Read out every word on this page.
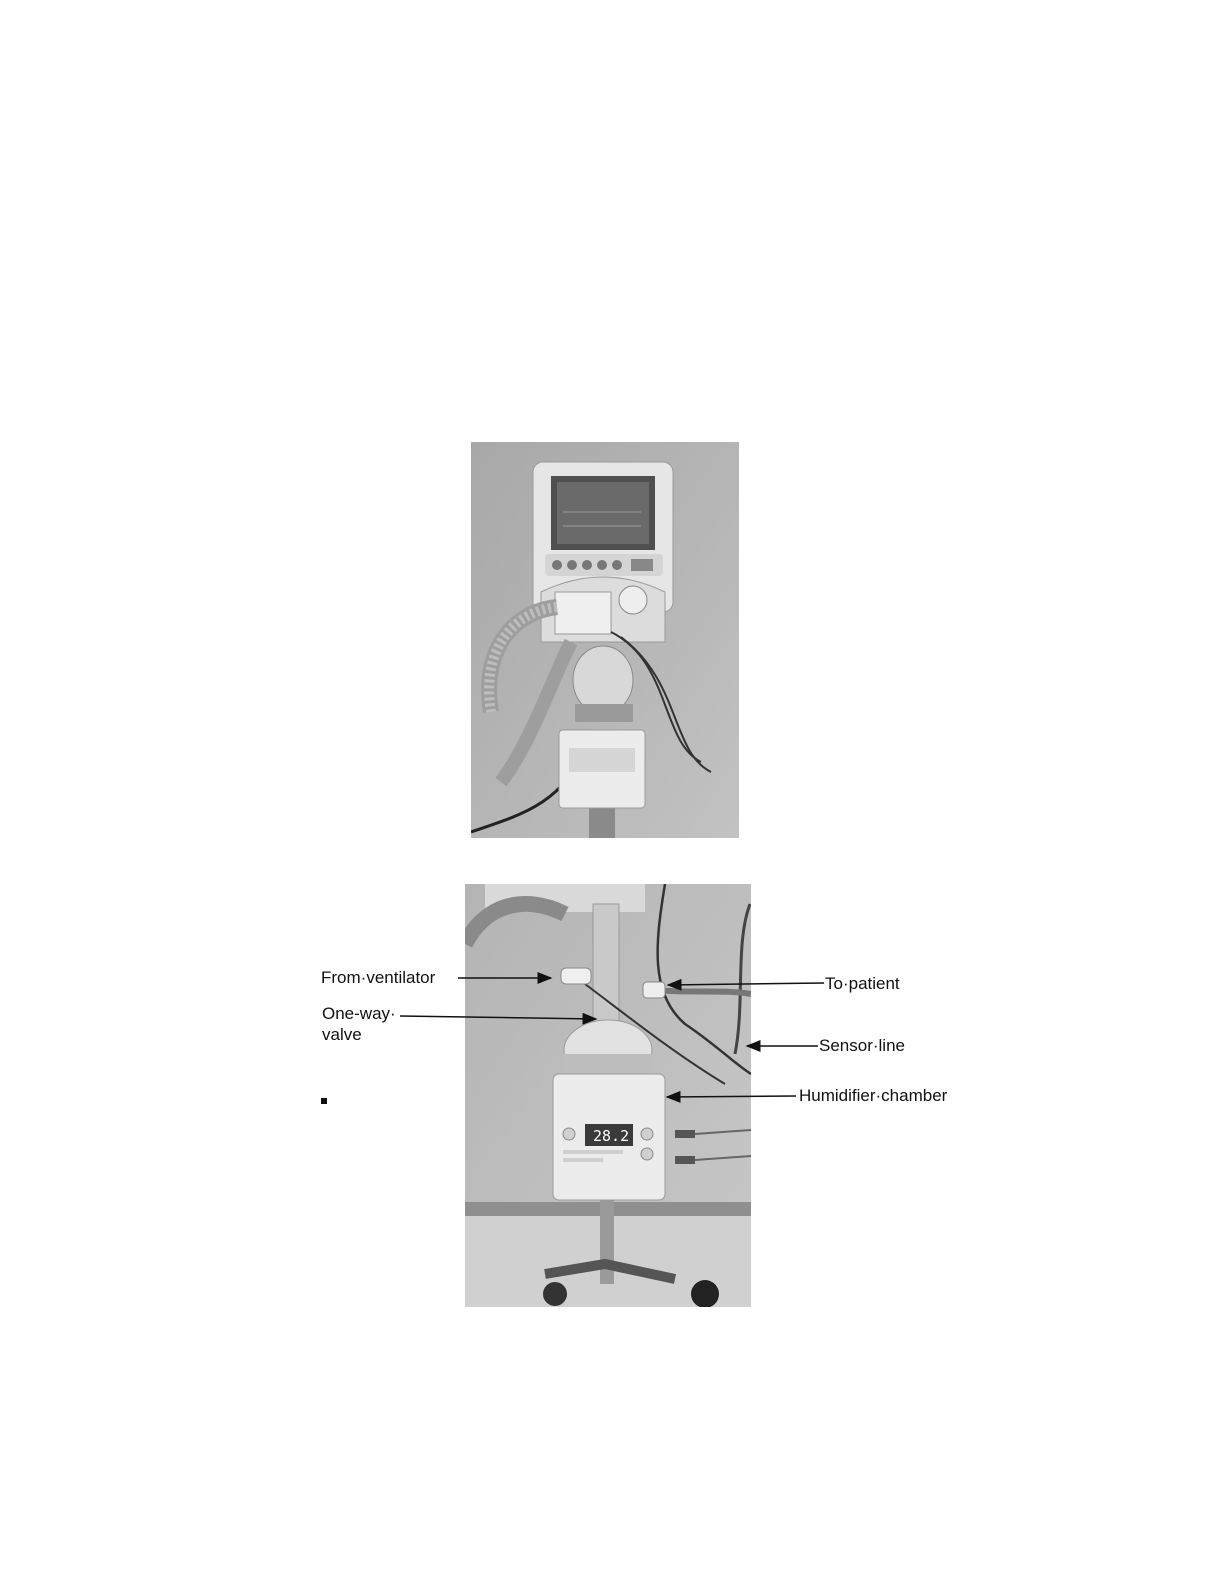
28.2
From·ventilator
One-way·
valve
To·patient
Sensor·line
Humidifier·chamber
